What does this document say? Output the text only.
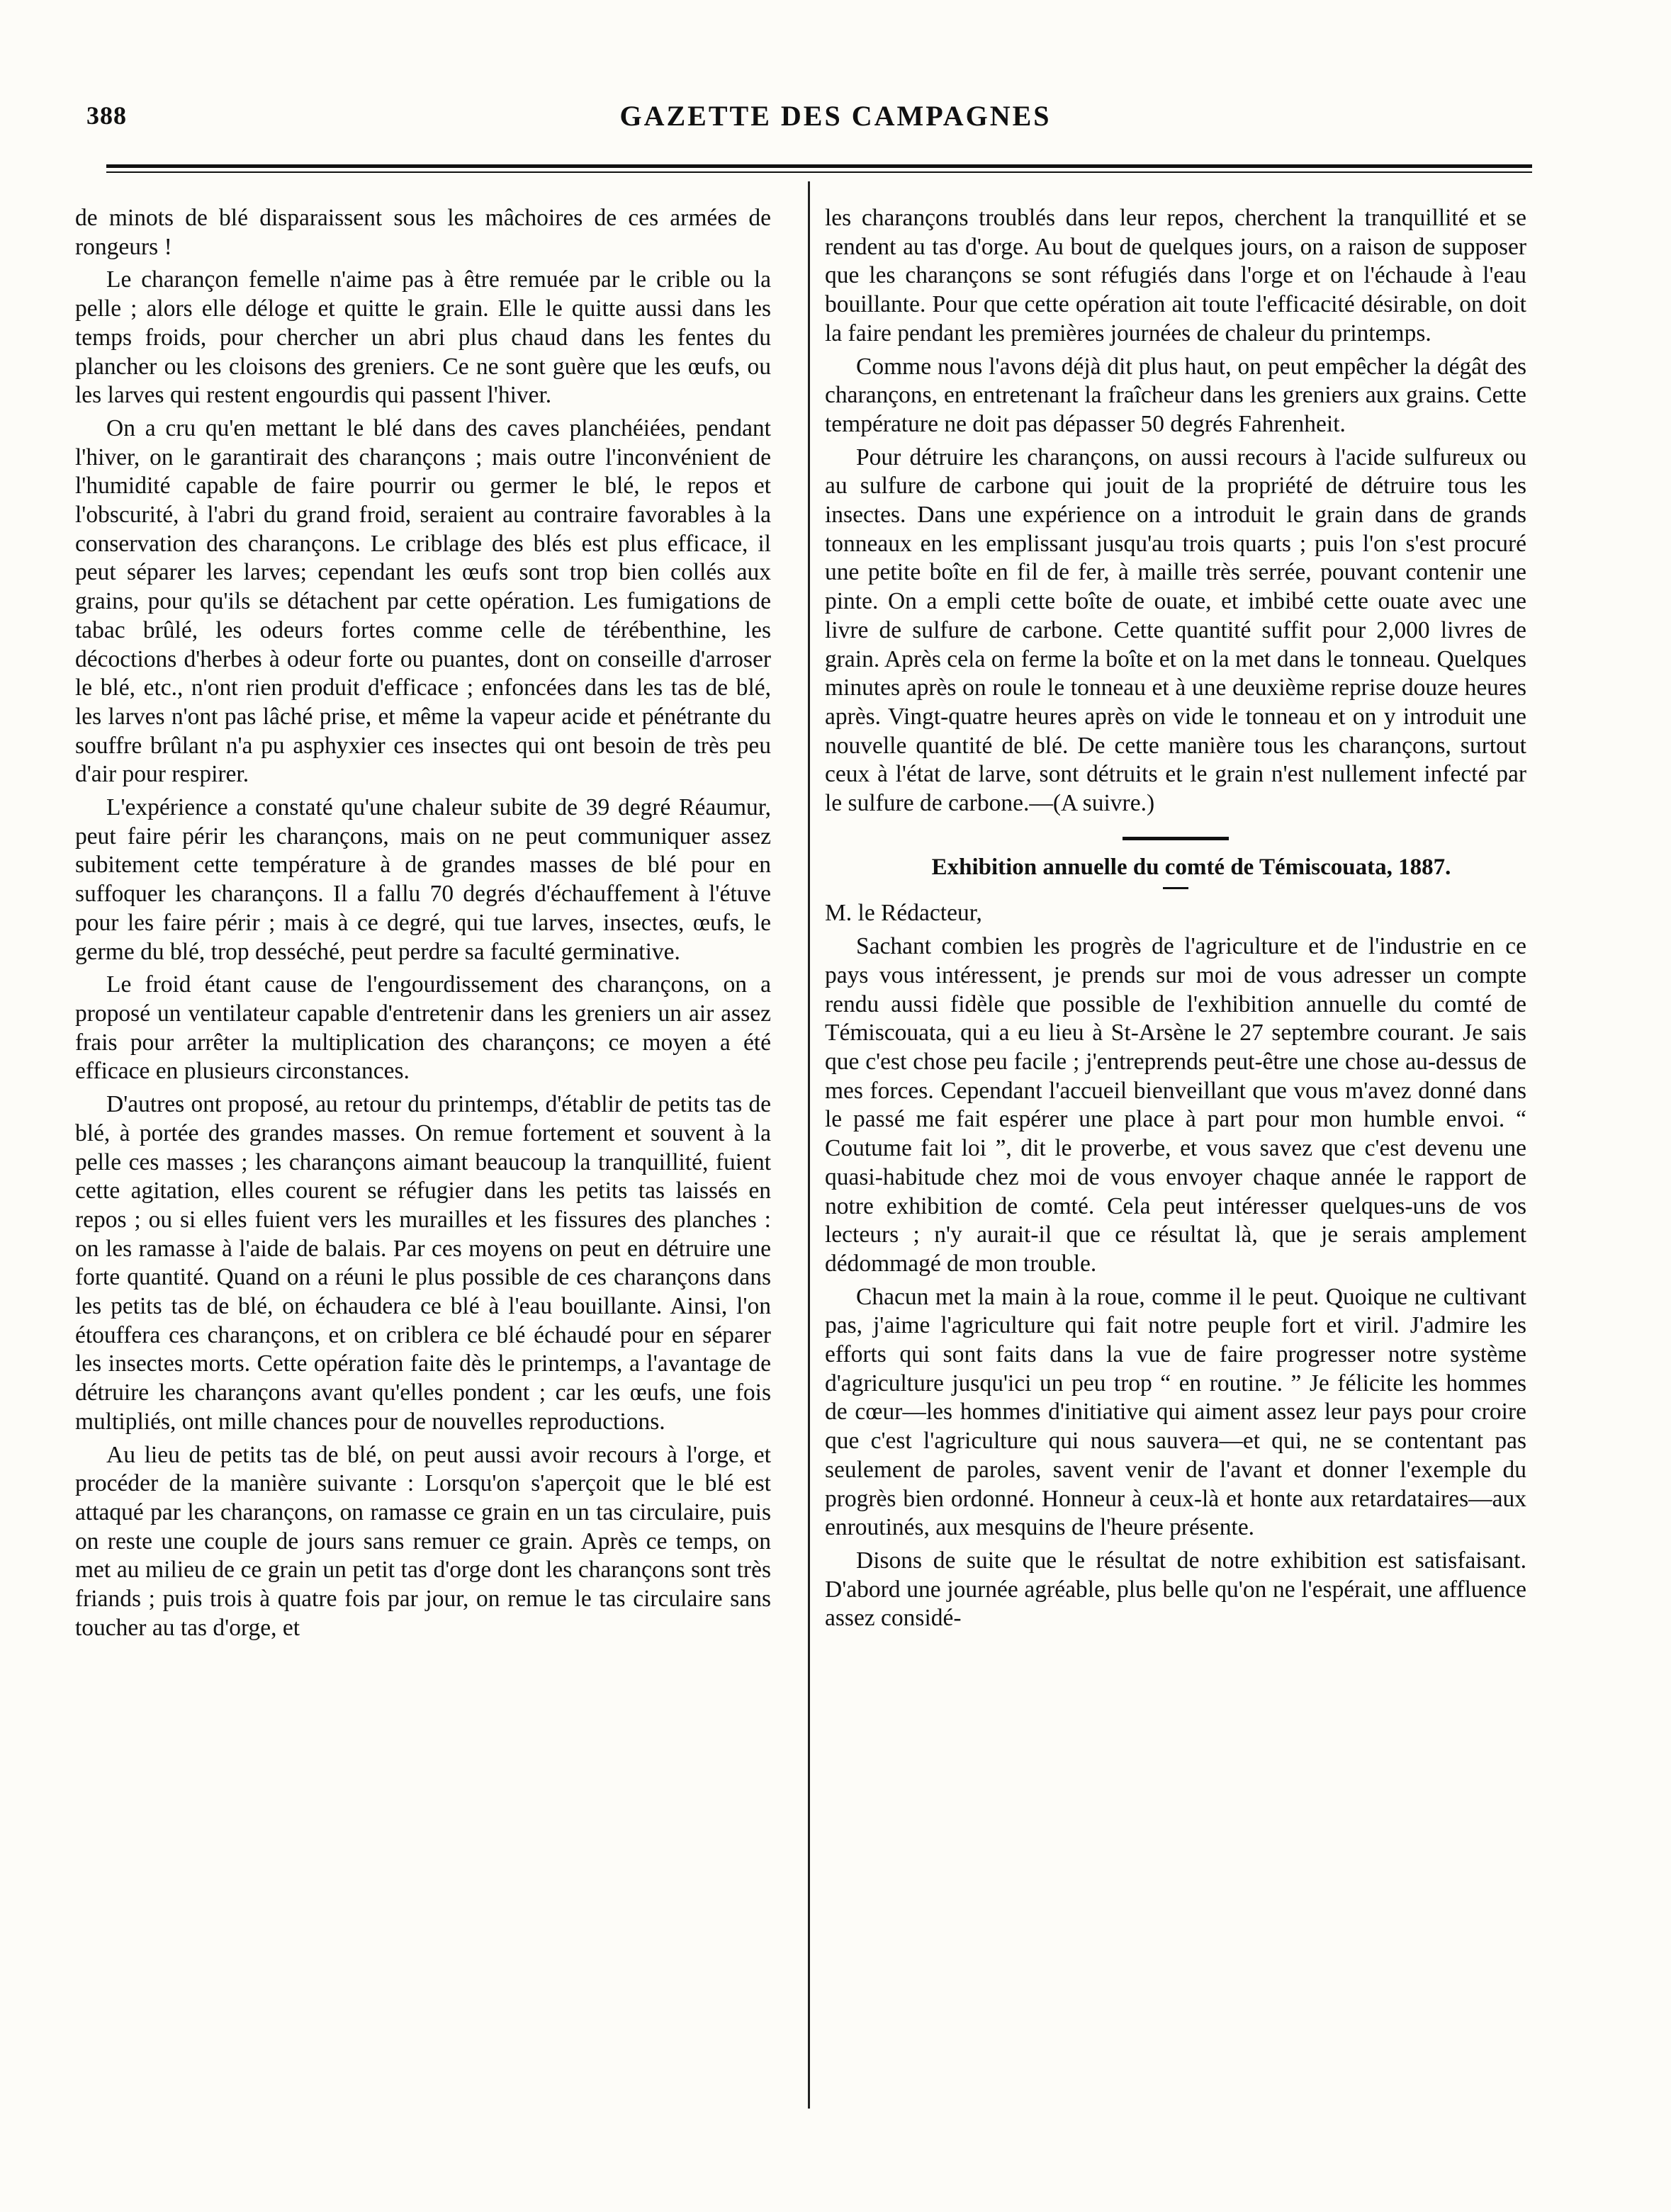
388	GAZETTE DES CAMPAGNES

de minots de blé disparaissent sous les mâchoires de ces armées de rongeurs !

Le charançon femelle n'aime pas à être remuée par le crible ou la pelle ; alors elle déloge et quitte le grain. Elle le quitte aussi dans les temps froids, pour chercher un abri plus chaud dans les fentes du plancher ou les cloisons des greniers. Ce ne sont guère que les œufs, ou les larves qui restent engourdis qui passent l'hiver.

On a cru qu'en mettant le blé dans des caves planchéiées, pendant l'hiver, on le garantirait des charançons ; mais outre l'inconvénient de l'humidité capable de faire pourrir ou germer le blé, le repos et l'obscurité, à l'abri du grand froid, seraient au contraire favorables à la conservation des charançons. Le criblage des blés est plus efficace, il peut séparer les larves; cependant les œufs sont trop bien collés aux grains, pour qu'ils se détachent par cette opération. Les fumigations de tabac brûlé, les odeurs fortes comme celle de térébenthine, les décoctions d'herbes à odeur forte ou puantes, dont on conseille d'arroser le blé, etc., n'ont rien produit d'efficace ; enfoncées dans les tas de blé, les larves n'ont pas lâché prise, et même la vapeur acide et pénétrante du souffre brûlant n'a pu asphyxier ces insectes qui ont besoin de très peu d'air pour respirer.

L'expérience a constaté qu'une chaleur subite de 39 degré Réaumur, peut faire périr les charançons, mais on ne peut communiquer assez subitement cette température à de grandes masses de blé pour en suffoquer les charançons. Il a fallu 70 degrés d'échauffement à l'étuve pour les faire périr ; mais à ce degré, qui tue larves, insectes, œufs, le germe du blé, trop desséché, peut perdre sa faculté germinative.

Le froid étant cause de l'engourdissement des charançons, on a proposé un ventilateur capable d'entretenir dans les greniers un air assez frais pour arrêter la multiplication des charançons; ce moyen a été efficace en plusieurs circonstances.

D'autres ont proposé, au retour du printemps, d'établir de petits tas de blé, à portée des grandes masses. On remue fortement et souvent à la pelle ces masses ; les charançons aimant beaucoup la tranquillité, fuient cette agitation, elles courent se réfugier dans les petits tas laissés en repos ; ou si elles fuient vers les murailles et les fissures des planches : on les ramasse à l'aide de balais. Par ces moyens on peut en détruire une forte quantité. Quand on a réuni le plus possible de ces charançons dans les petits tas de blé, on échaudera ce blé à l'eau bouillante. Ainsi, l'on étouffera ces charançons, et on criblera ce blé échaudé pour en séparer les insectes morts. Cette opération faite dès le printemps, a l'avantage de détruire les charançons avant qu'elles pondent ; car les œufs, une fois multipliés, ont mille chances pour de nouvelles reproductions.

Au lieu de petits tas de blé, on peut aussi avoir recours à l'orge, et procéder de la manière suivante : Lorsqu'on s'aperçoit que le blé est attaqué par les charançons, on ramasse ce grain en un tas circulaire, puis on reste une couple de jours sans remuer ce grain. Après ce temps, on met au milieu de ce grain un petit tas d'orge dont les charançons sont très friands ; puis trois à quatre fois par jour, on remue le tas circulaire sans toucher au tas d'orge, et

les charançons troublés dans leur repos, cherchent la tranquillité et se rendent au tas d'orge. Au bout de quelques jours, on a raison de supposer que les charançons se sont réfugiés dans l'orge et on l'échaude à l'eau bouillante. Pour que cette opération ait toute l'efficacité désirable, on doit la faire pendant les premières journées de chaleur du printemps.

Comme nous l'avons déjà dit plus haut, on peut empêcher la dégât des charançons, en entretenant la fraîcheur dans les greniers aux grains. Cette température ne doit pas dépasser 50 degrés Fahrenheit.

Pour détruire les charançons, on aussi recours à l'acide sulfureux ou au sulfure de carbone qui jouit de la propriété de détruire tous les insectes. Dans une expérience on a introduit le grain dans de grands tonneaux en les emplissant jusqu'au trois quarts ; puis l'on s'est procuré une petite boîte en fil de fer, à maille très serrée, pouvant contenir une pinte. On a empli cette boîte de ouate, et imbibé cette ouate avec une livre de sulfure de carbone. Cette quantité suffit pour 2,000 livres de grain. Après cela on ferme la boîte et on la met dans le tonneau. Quelques minutes après on roule le tonneau et à une deuxième reprise douze heures après. Vingt-quatre heures après on vide le tonneau et on y introduit une nouvelle quantité de blé. De cette manière tous les charançons, surtout ceux à l'état de larve, sont détruits et le grain n'est nullement infecté par le sulfure de carbone.—(A suivre.)

Exhibition annuelle du comté de Témiscouata, 1887.

M. le Rédacteur,

Sachant combien les progrès de l'agriculture et de l'industrie en ce pays vous intéressent, je prends sur moi de vous adresser un compte rendu aussi fidèle que possible de l'exhibition annuelle du comté de Témiscouata, qui a eu lieu à St-Arsène le 27 septembre courant. Je sais que c'est chose peu facile ; j'entreprends peut-être une chose au-dessus de mes forces. Cependant l'accueil bienveillant que vous m'avez donné dans le passé me fait espérer une place à part pour mon humble envoi. “ Coutume fait loi ”, dit le proverbe, et vous savez que c'est devenu une quasi-habitude chez moi de vous envoyer chaque année le rapport de notre exhibition de comté. Cela peut intéresser quelques-uns de vos lecteurs ; n'y aurait-il que ce résultat là, que je serais amplement dédommagé de mon trouble.

Chacun met la main à la roue, comme il le peut. Quoique ne cultivant pas, j'aime l'agriculture qui fait notre peuple fort et viril. J'admire les efforts qui sont faits dans la vue de faire progresser notre système d'agriculture jusqu'ici un peu trop “ en routine. ” Je félicite les hommes de cœur—les hommes d'initiative qui aiment assez leur pays pour croire que c'est l'agriculture qui nous sauvera—et qui, ne se contentant pas seulement de paroles, savent venir de l'avant et donner l'exemple du progrès bien ordonné. Honneur à ceux-là et honte aux retardataires—aux enroutinés, aux mesquins de l'heure présente.

Disons de suite que le résultat de notre exhibition est satisfaisant. D'abord une journée agréable, plus belle qu'on ne l'espérait, une affluence assez considé-
